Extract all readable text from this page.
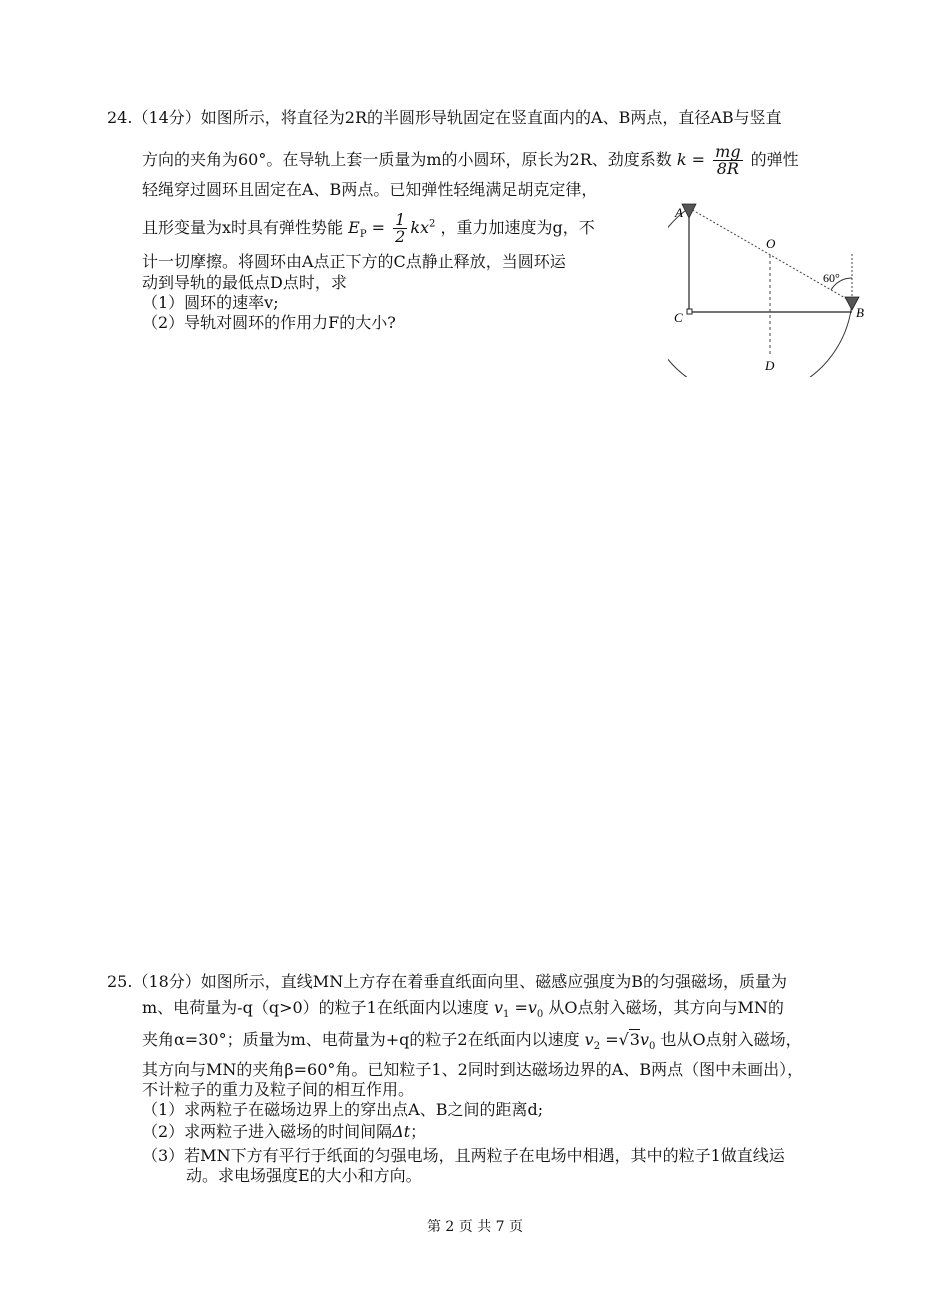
24.（14分）如图所示，将直径为2R的半圆形导轨固定在竖直面内的A、B两点，直径AB与竖直
方向的夹角为60°。在导轨上套一质量为m的小圆环，原长为2R、劲度系数 $k = \frac{mg}{8R}$ 的弹性
轻绳穿过圆环且固定在A、B两点。已知弹性轻绳满足胡克定律，
且形变量为x时具有弹性势能 $E_P = \frac{1}{2} kx^2$ ，重力加速度为g，不
计一切摩擦。将圆环由A点正下方的C点静止释放，当圆环运
动到导轨的最低点D点时，求
（1）圆环的速率v;
（2）导轨对圆环的作用力F的大小?
A
O
B
C
D
60°
25.（18分）如图所示，直线MN上方存在着垂直纸面向里、磁感应强度为B的匀强磁场，质量为
m、电荷量为-q（q>0）的粒子1在纸面内以速度 $v_1 =v_0$ 从O点射入磁场，其方向与MN的
夹角α=30°；质量为m、电荷量为+q的粒子2在纸面内以速度 $v_2 =√3v_0$ 也从O点射入磁场，
其方向与MN的夹角β=60°角。已知粒子1、2同时到达磁场边界的A、B两点（图中未画出），
不计粒子的重力及粒子间的相互作用。
（1）求两粒子在磁场边界上的穿出点A、B之间的距离d;
（2）求两粒子进入磁场的时间间隔Δt；
（3）若MN下方有平行于纸面的匀强电场，且两粒子在电场中相遇，其中的粒子1做直线运
动。求电场强度E的大小和方向。
第 2 页 共 7 页
